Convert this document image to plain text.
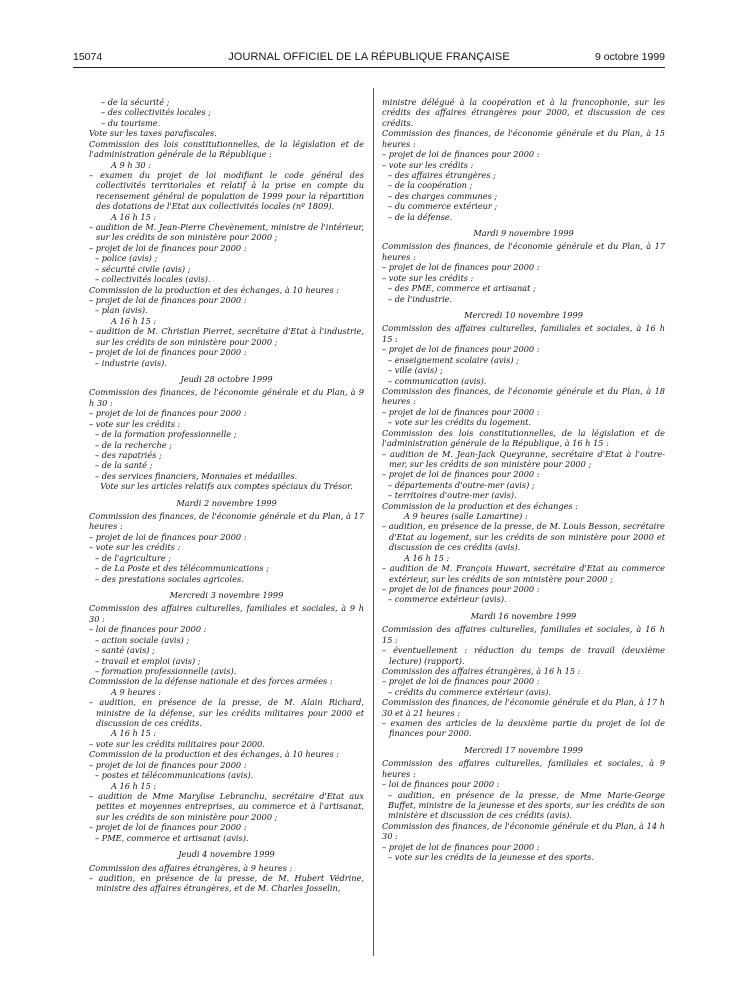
15074	JOURNAL OFFICIEL DE LA RÉPUBLIQUE FRANÇAISE	9 octobre 1999

– de la sécurité ;

– des collectivités locales ;

– du tourisme.

Vote sur les taxes parafiscales.

Commission des lois constitutionnelles, de la législation et de l'administration générale de la République :

A 9 h 30 :

– examen du projet de loi modifiant le code général des collectivités territoriales et relatif à la prise en compte du recensement général de population de 1999 pour la répartition des dotations de l'Etat aux collectivités locales (nº 1809).

A 16 h 15 :

– audition de M. Jean-Pierre Chevènement, ministre de l'intérieur, sur les crédits de son ministère pour 2000 ;

– projet de loi de finances pour 2000 :

– police (avis) ;

– sécurité civile (avis) ;

– collectivités locales (avis).

Commission de la production et des échanges, à 10 heures :

– projet de loi de finances pour 2000 :

– plan (avis).

A 16 h 15 :

– audition de M. Christian Pierret, secrétaire d'Etat à l'industrie, sur les crédits de son ministère pour 2000 ;

– projet de loi de finances pour 2000 :

– industrie (avis).

Jeudi 28 octobre 1999

Commission des finances, de l'économie générale et du Plan, à 9 h 30 :

– projet de loi de finances pour 2000 :

– vote sur les crédits :

– de la formation professionnelle ;

– de la recherche ;

– des rapatriés ;

– de la santé ;

– des services financiers, Monnaies et médailles.

Vote sur les articles relatifs aux comptes spéciaux du Trésor.

Mardi 2 novembre 1999

Commission des finances, de l'économie générale et du Plan, à 17 heures :

– projet de loi de finances pour 2000 :

– vote sur les crédits :

– de l'agriculture ;

– de La Poste et des télécommunications ;

– des prestations sociales agricoles.

Mercredi 3 novembre 1999

Commission des affaires culturelles, familiales et sociales, à 9 h 30 :

– loi de finances pour 2000 :

– action sociale (avis) ;

– santé (avis) ;

– travail et emploi (avis) ;

– formation professionnelle (avis).

Commission de la défense nationale et des forces armées :

A 9 heures :

– audition, en présence de la presse, de M. Alain Richard, ministre de la défense, sur les crédits militaires pour 2000 et discussion de ces crédits.

A 16 h 15 :

– vote sur les crédits militaires pour 2000.

Commission de la production et des échanges, à 10 heures :

– projet de loi de finances pour 2000 :

– postes et télécommunications (avis).

A 16 h 15 :

– audition de Mme Marylise Lebranchu, secrétaire d'Etat aux petites et moyennes entreprises, au commerce et à l'artisanat, sur les crédits de son ministère pour 2000 ;

– projet de loi de finances pour 2000 :

– PME, commerce et artisanat (avis).

Jeudi 4 novembre 1999

Commission des affaires étrangères, à 9 heures :

– audition, en présence de la presse, de M. Hubert Védrine, ministre des affaires étrangères, et de M. Charles Josselin,

ministre délégué à la coopération et à la francophonie, sur les crédits des affaires étrangères pour 2000, et discussion de ces crédits.

Commission des finances, de l'économie générale et du Plan, à 15 heures :

– projet de loi de finances pour 2000 :

– vote sur les crédits :

– des affaires étrangères ;

– de la coopération ;

– des charges communes ;

– du commerce extérieur ;

– de la défense.

Mardi 9 novembre 1999

Commission des finances, de l'économie générale et du Plan, à 17 heures :

– projet de loi de finances pour 2000 :

– vote sur les crédits :

– des PME, commerce et artisanat ;

– de l'industrie.

Mercredi 10 novembre 1999

Commission des affaires culturelles, familiales et sociales, à 16 h 15 :

– projet de loi de finances pour 2000 :

– enseignement scolaire (avis) ;

– ville (avis) ;

– communication (avis).

Commission des finances, de l'économie générale et du Plan, à 18 heures :

– projet de loi de finances pour 2000 :

– vote sur les crédits du logement.

Commission des lois constitutionnelles, de la législation et de l'administration générale de la République, à 16 h 15 :

– audition de M. Jean-Jack Queyranne, secrétaire d'Etat à l'outre-mer, sur les crédits de son ministère pour 2000 ;

– projet de loi de finances pour 2000 :

– départements d'outre-mer (avis) ;

– territoires d'outre-mer (avis).

Commission de la production et des échanges :

A 9 heures (salle Lamartine) :

– audition, en présence de la presse, de M. Louis Besson, secrétaire d'Etat au logement, sur les crédits de son ministère pour 2000 et discussion de ces crédits (avis).

A 16 h 15 :

– audition de M. François Huwart, secrétaire d'Etat au commerce extérieur, sur les crédits de son ministère pour 2000 ;

– projet de loi de finances pour 2000 :

– commerce extérieur (avis).

Mardi 16 novembre 1999

Commission des affaires culturelles, familiales et sociales, à 16 h 15 :

– éventuellement : réduction du temps de travail (deuxième lecture) (rapport).

Commission des affaires étrangères, à 16 h 15 :

– projet de loi de finances pour 2000 :

– crédits du commerce extérieur (avis).

Commission des finances, de l'économie générale et du Plan, à 17 h 30 et à 21 heures :

– examen des articles de la deuxième partie du projet de loi de finances pour 2000.

Mercredi 17 novembre 1999

Commission des affaires culturelles, familiales et sociales, à 9 heures :

– loi de finances pour 2000 :

– audition, en présence de la presse, de Mme Marie-George Buffet, ministre de la jeunesse et des sports, sur les crédits de son ministère et discussion de ces crédits (avis).

Commission des finances, de l'économie générale et du Plan, à 14 h 30 :

– projet de loi de finances pour 2000 :

– vote sur les crédits de la jeunesse et des sports.
